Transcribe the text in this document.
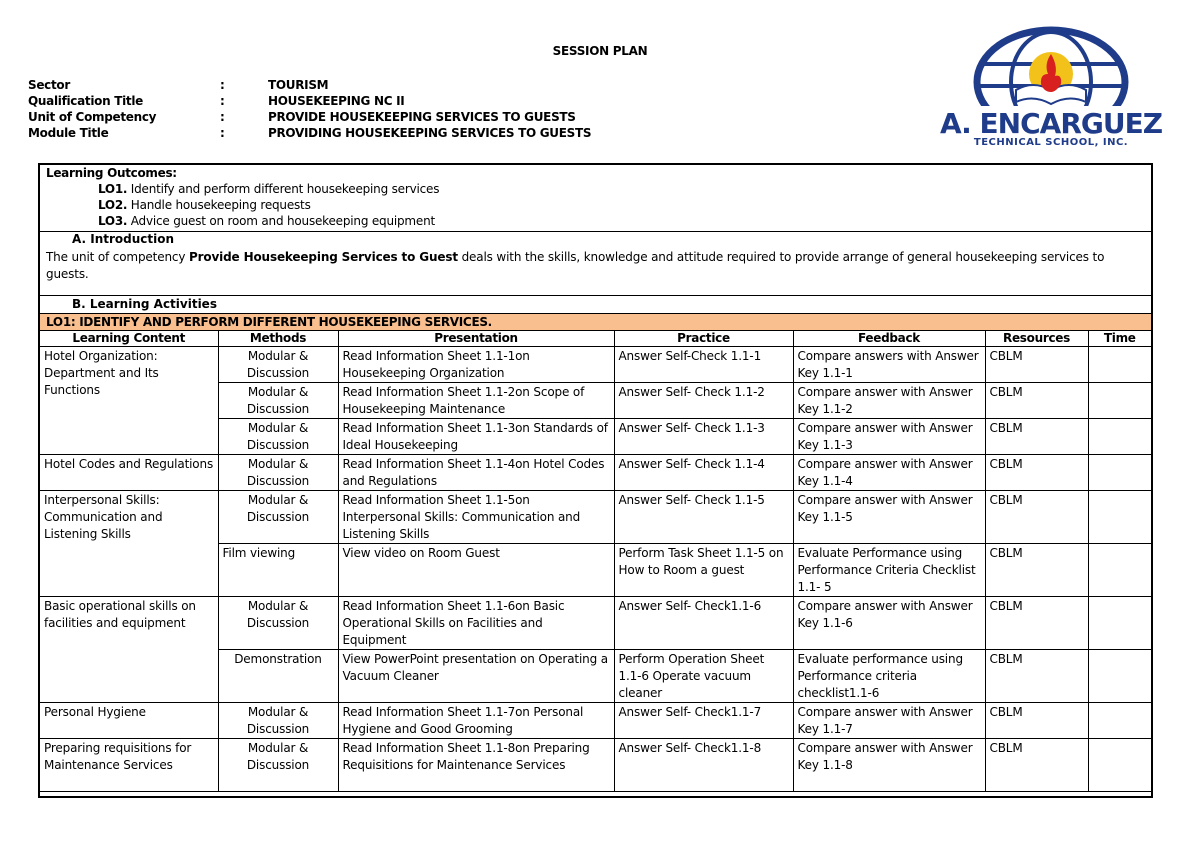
SESSION PLAN
Sector	:	TOURISM
Qualification Title	:	HOUSEKEEPING NC II
Unit of Competency	:	PROVIDE HOUSEKEEPING SERVICES TO GUESTS
Module Title	:	PROVIDING HOUSEKEEPING SERVICES TO GUESTS	A. ENCARGUEZ
TECHNICAL SCHOOL, INC.
Learning Outcomes:
LO1. Identify and perform different housekeeping services
LO2. Handle housekeeping requests
LO3. Advice guest on room and housekeeping equipment
A. Introduction
The unit of competency Provide Housekeeping Services to Guest deals with the skills, knowledge and attitude required to provide arrange of general housekeeping services to guests.
B. Learning Activities
LO1: IDENTIFY AND PERFORM DIFFERENT HOUSEKEEPING SERVICES.
Learning Content	Methods	Presentation	Practice	Feedback	Resources	Time
Hotel Organization: Department and Its Functions	Modular & Discussion	Read Information Sheet 1.1-1on Housekeeping Organization	Answer Self-Check 1.1-1	Compare answers with Answer Key 1.1-1	CBLM	
	Modular & Discussion	Read Information Sheet 1.1-2on Scope of Housekeeping Maintenance	Answer Self- Check 1.1-2	Compare answer with Answer Key 1.1-2	CBLM	
	Modular & Discussion	Read Information Sheet 1.1-3on Standards of Ideal Housekeeping	Answer Self- Check 1.1-3	Compare answer with Answer Key 1.1-3	CBLM	
Hotel Codes and Regulations	Modular & Discussion	Read Information Sheet 1.1-4on Hotel Codes and Regulations	Answer Self- Check 1.1-4	Compare answer with Answer Key 1.1-4	CBLM	
Interpersonal Skills: Communication and Listening Skills	Modular & Discussion	Read Information Sheet 1.1-5on Interpersonal Skills: Communication and Listening Skills	Answer Self- Check 1.1-5	Compare answer with Answer Key 1.1-5	CBLM	
	Film viewing	View video on Room Guest	Perform Task Sheet 1.1-5 on How to Room a guest	Evaluate Performance using Performance Criteria Checklist 1.1- 5	CBLM	
Basic operational skills on facilities and equipment	Modular & Discussion	Read Information Sheet 1.1-6on Basic Operational Skills on Facilities and Equipment	Answer Self- Check1.1-6	Compare answer with Answer Key 1.1-6	CBLM	
	Demonstration	View PowerPoint presentation on Operating a Vacuum Cleaner	Perform Operation Sheet 1.1-6 Operate vacuum cleaner	Evaluate performance using Performance criteria checklist1.1-6	CBLM	
Personal Hygiene	Modular & Discussion	Read Information Sheet 1.1-7on Personal Hygiene and Good Grooming	Answer Self- Check1.1-7	Compare answer with Answer Key 1.1-7	CBLM	
Preparing requisitions for Maintenance Services	Modular & Discussion	Read Information Sheet 1.1-8on Preparing Requisitions for Maintenance Services	Answer Self- Check1.1-8	Compare answer with Answer Key 1.1-8	CBLM	
